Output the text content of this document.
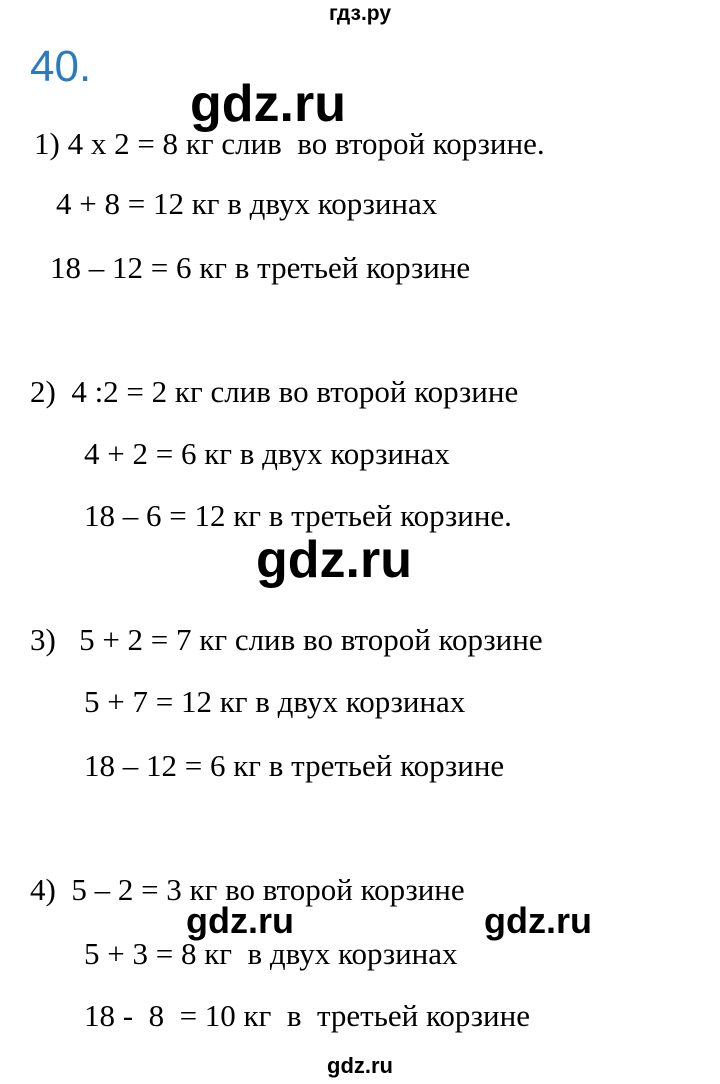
гдз.ру
40.
gdz.ru
1) 4 х 2 = 8 кг слив  во второй корзине.
4 + 8 = 12 кг в двух корзинах
18 – 12 = 6 кг в третьей корзине
2)  4 :2 = 2 кг слив во второй корзине
4 + 2 = 6 кг в двух корзинах
18 – 6 = 12 кг в третьей корзине.
gdz.ru
3)   5 + 2 = 7 кг слив во второй корзине
5 + 7 = 12 кг в двух корзинах
18 – 12 = 6 кг в третьей корзине
4)  5 – 2 = 3 кг во второй корзине
gdz.ru	gdz.ru
5 + 3 = 8 кг  в двух корзинах
18 -  8  = 10 кг  в  третьей корзине
gdz.ru
